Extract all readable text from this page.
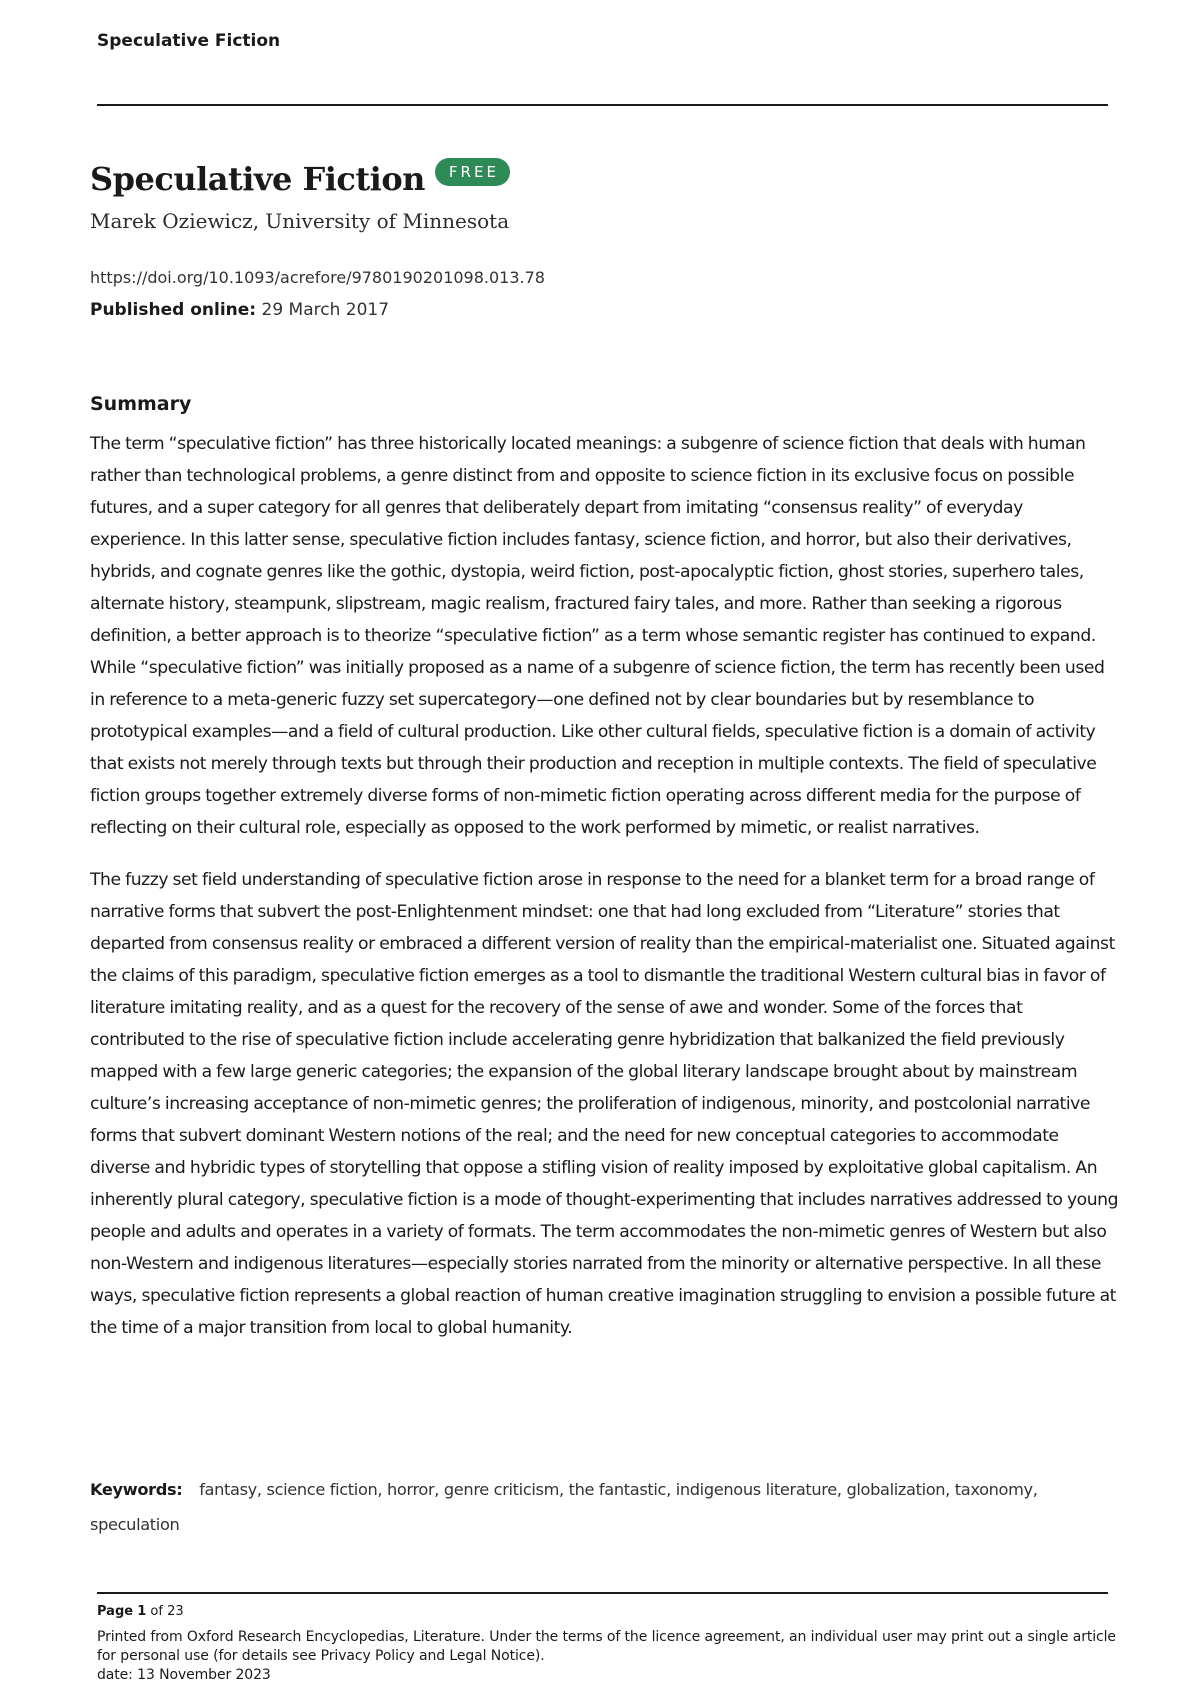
Speculative Fiction
Speculative Fiction	FREE
Marek Oziewicz, University of Minnesota
https://doi.org/10.1093/acrefore/9780190201098.013.78
Published online: 29 March 2017
Summary

The term “speculative fiction” has three historically located meanings: a subgenre of science fiction that deals with human rather than technological problems, a genre distinct from and opposite to science fiction in its exclusive focus on possible futures, and a super category for all genres that deliberately depart from imitating “consensus reality” of everyday experience. In this latter sense, speculative fiction includes fantasy, science fiction, and horror, but also their derivatives, hybrids, and cognate genres like the gothic, dystopia, weird fiction, post-apocalyptic fiction, ghost stories, superhero tales, alternate history, steampunk, slipstream, magic realism, fractured fairy tales, and more. Rather than seeking a rigorous definition, a better approach is to theorize “speculative fiction” as a term whose semantic register has continued to expand. While “speculative fiction” was initially proposed as a name of a subgenre of science fiction, the term has recently been used in reference to a meta-generic fuzzy set supercategory—one defined not by clear boundaries but by resemblance to prototypical examples—and a field of cultural production. Like other cultural fields, speculative fiction is a domain of activity that exists not merely through texts but through their production and reception in multiple contexts. The field of speculative fiction groups together extremely diverse forms of non-mimetic fiction operating across different media for the purpose of reflecting on their cultural role, especially as opposed to the work performed by mimetic, or realist narratives.

The fuzzy set field understanding of speculative fiction arose in response to the need for a blanket term for a broad range of narrative forms that subvert the post-Enlightenment mindset: one that had long excluded from “Literature” stories that departed from consensus reality or embraced a different version of reality than the empirical-materialist one. Situated against the claims of this paradigm, speculative fiction emerges as a tool to dismantle the traditional Western cultural bias in favor of literature imitating reality, and as a quest for the recovery of the sense of awe and wonder. Some of the forces that contributed to the rise of speculative fiction include accelerating genre hybridization that balkanized the field previously mapped with a few large generic categories; the expansion of the global literary landscape brought about by mainstream culture’s increasing acceptance of non-mimetic genres; the proliferation of indigenous, minority, and postcolonial narrative forms that subvert dominant Western notions of the real; and the need for new conceptual categories to accommodate diverse and hybridic types of storytelling that oppose a stifling vision of reality imposed by exploitative global capitalism. An inherently plural category, speculative fiction is a mode of thought-experimenting that includes narratives addressed to young people and adults and operates in a variety of formats. The term accommodates the non-mimetic genres of Western but also non-Western and indigenous literatures—especially stories narrated from the minority or alternative perspective. In all these ways, speculative fiction represents a global reaction of human creative imagination struggling to envision a possible future at the time of a major transition from local to global humanity.

Keywords: fantasy, science fiction, horror, genre criticism, the fantastic, indigenous literature, globalization, taxonomy, speculation
Page 1 of 23
Printed from Oxford Research Encyclopedias, Literature. Under the terms of the licence agreement, an individual user may print out a single article for personal use (for details see Privacy Policy and Legal Notice).
date: 13 November 2023
